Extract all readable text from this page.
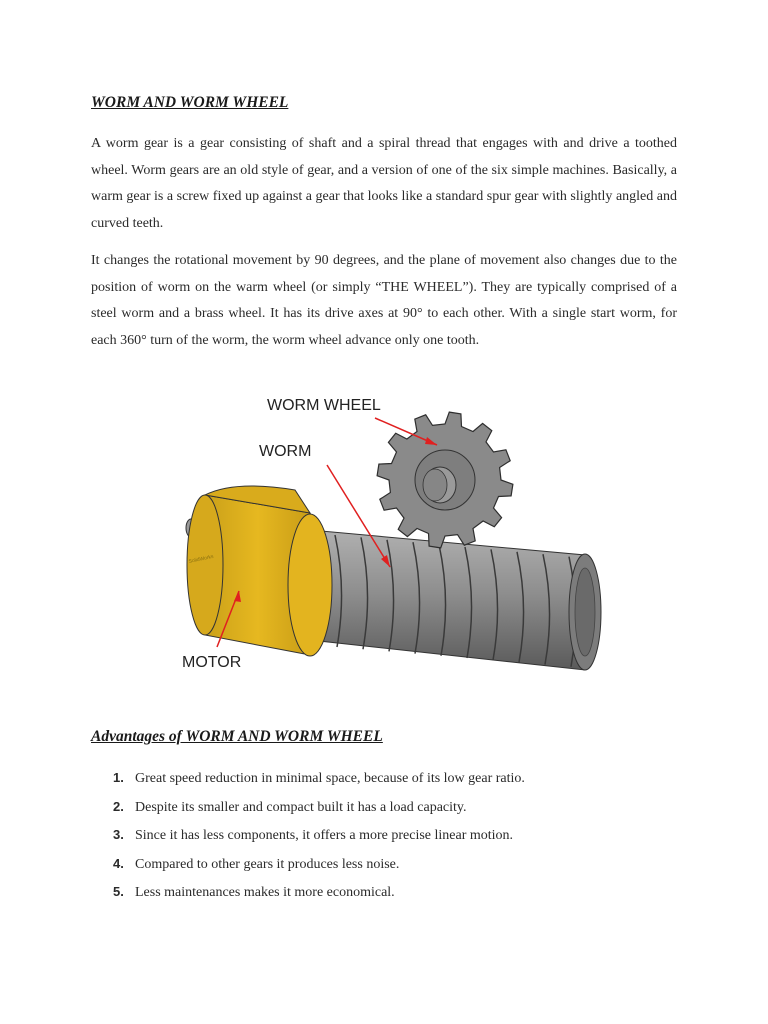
WORM AND WORM WHEEL

A worm gear is a gear consisting of shaft and a spiral thread that engages with and drive a toothed wheel. Worm gears are an old style of gear, and a version of one of the six simple machines. Basically, a warm gear is a screw fixed up against a gear that looks like a standard spur gear with slightly angled and curved teeth.

It changes the rotational movement by 90 degrees, and the plane of movement also changes due to the position of worm on the warm wheel (or simply “THE WHEEL”). They are typically comprised of a steel worm and a brass wheel. It has its drive axes at 90° to each other. With a single start worm, for each 360° turn of the worm, the worm wheel advance only one tooth.

SolidWorks
WORM WHEEL
WORM
MOTOR
Advantages of WORM AND WORM WHEEL
1. Great speed reduction in minimal space, because of its low gear ratio.
2. Despite its smaller and compact built it has a load capacity.
3. Since it has less components, it offers a more precise linear motion.
4. Compared to other gears it produces less noise.
5. Less maintenances makes it more economical.
